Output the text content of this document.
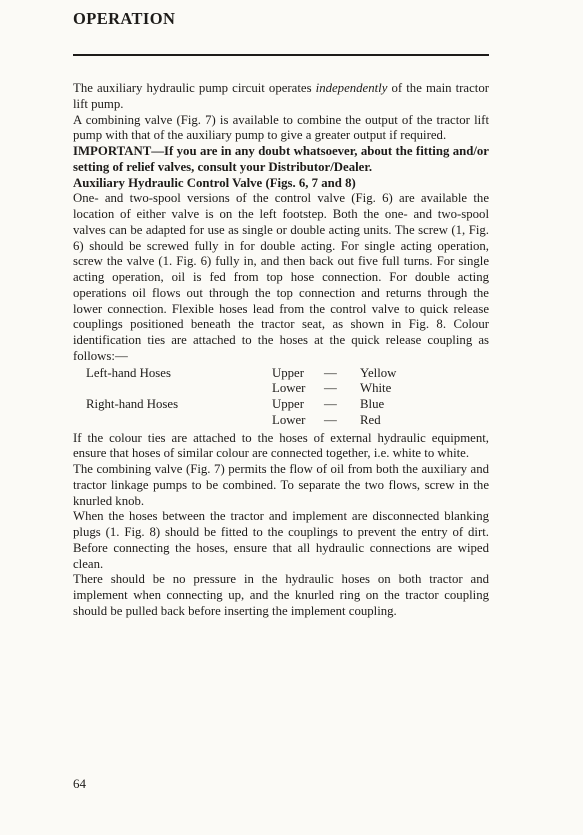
OPERATION

The auxiliary hydraulic pump circuit operates independently of the main tractor lift pump.

A combining valve (Fig. 7) is available to combine the output of the tractor lift pump with that of the auxiliary pump to give a greater output if required.

IMPORTANT—If you are in any doubt whatsoever, about the fitting and/or setting of relief valves, consult your Distributor/Dealer.

Auxiliary Hydraulic Control Valve (Figs. 6, 7 and 8)

One- and two-spool versions of the control valve (Fig. 6) are available the location of either valve is on the left footstep. Both the one- and two-spool valves can be adapted for use as single or double acting units. The screw (1, Fig. 6) should be screwed fully in for double acting. For single acting operation, screw the valve (1. Fig. 6) fully in, and then back out five full turns. For single acting operation, oil is fed from top hose connection. For double acting operations oil flows out through the top connection and returns through the lower connection. Flexible hoses lead from the control valve to quick release couplings positioned beneath the tractor seat, as shown in Fig. 8. Colour identification ties are attached to the hoses at the quick release coupling as follows:—

Left-hand Hoses	Upper	—	Yellow
	Lower	—	White
Right-hand Hoses	Upper	—	Blue
	Lower	—	Red

If the colour ties are attached to the hoses of external hydraulic equipment, ensure that hoses of similar colour are connected together, i.e. white to white.

The combining valve (Fig. 7) permits the flow of oil from both the auxiliary and tractor linkage pumps to be combined. To separate the two flows, screw in the knurled knob.

When the hoses between the tractor and implement are disconnected blanking plugs (1. Fig. 8) should be fitted to the couplings to prevent the entry of dirt. Before connecting the hoses, ensure that all hydraulic connections are wiped clean.

There should be no pressure in the hydraulic hoses on both tractor and implement when connecting up, and the knurled ring on the tractor coupling should be pulled back before inserting the implement coupling.

64
